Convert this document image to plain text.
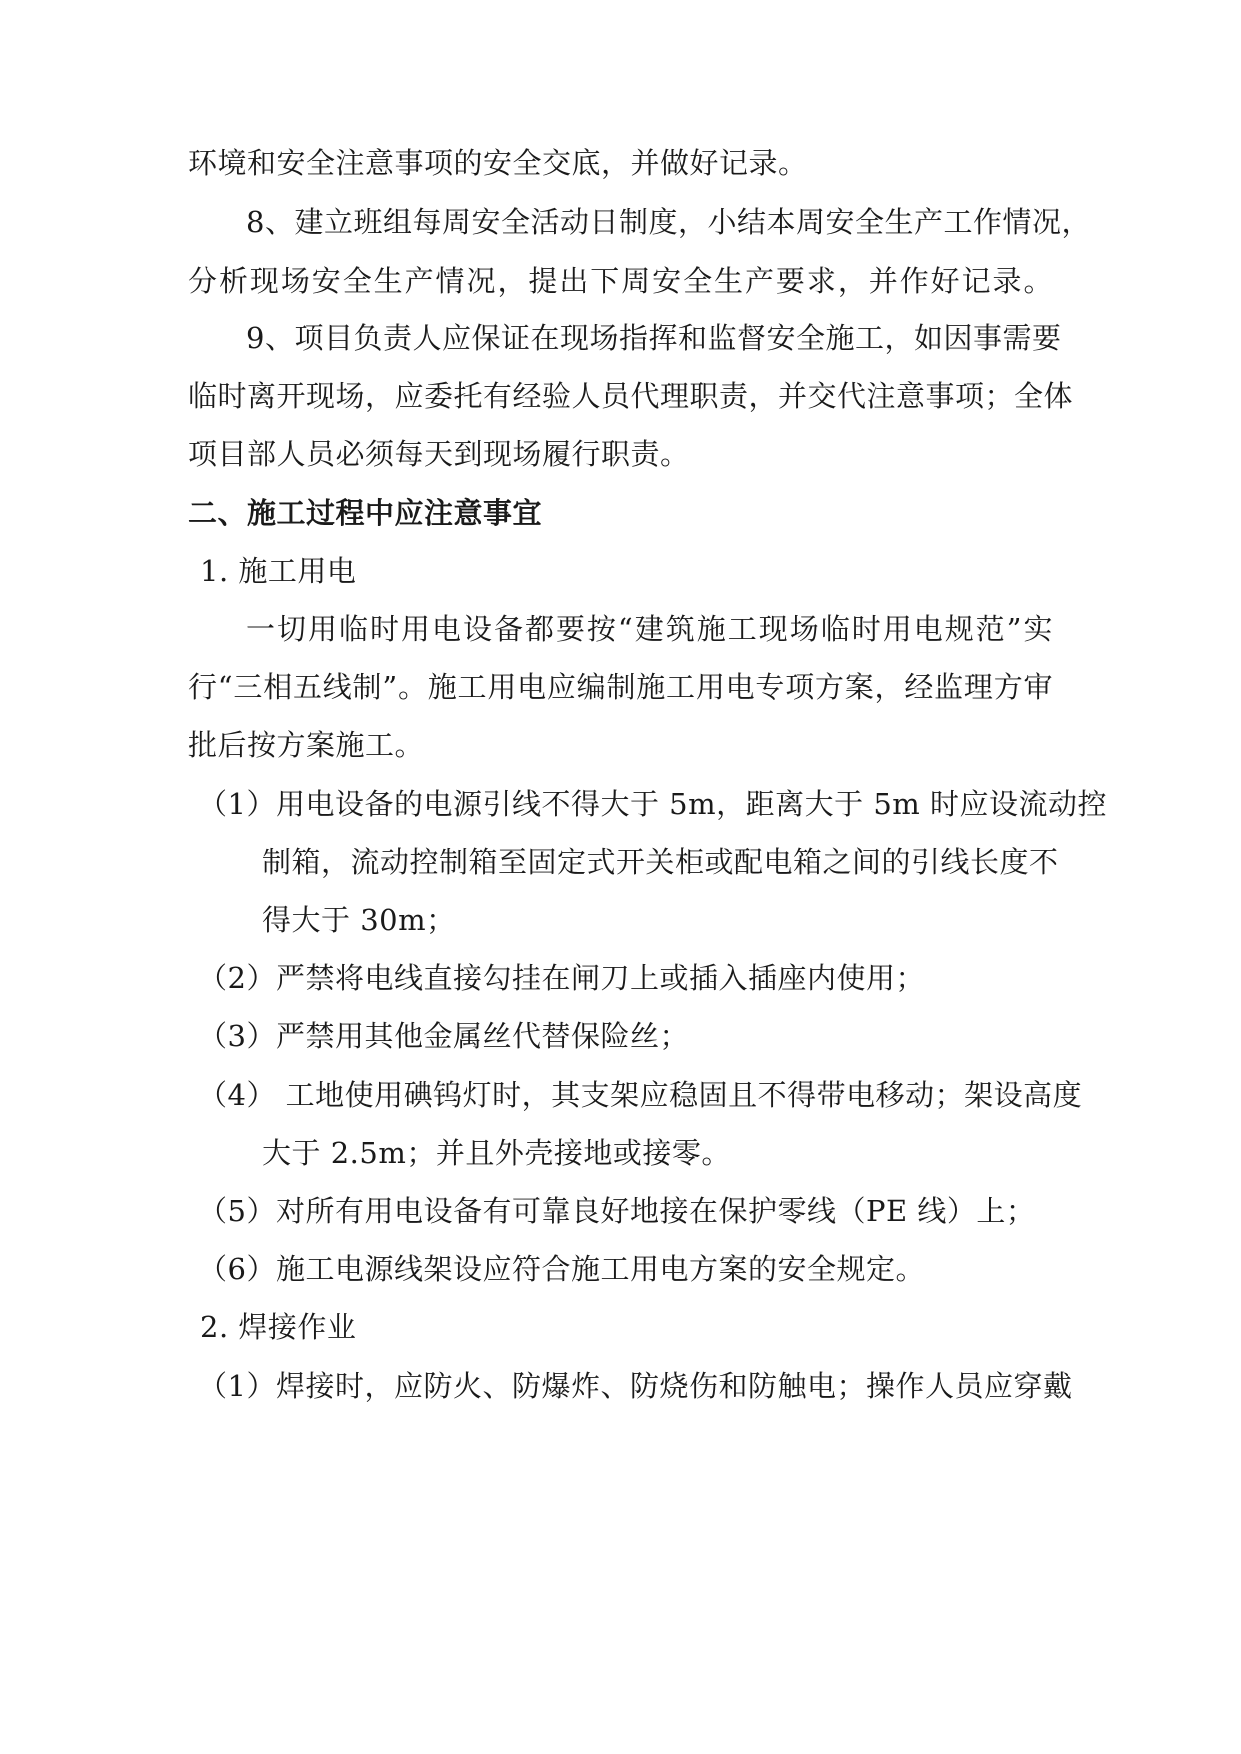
环境和安全注意事项的安全交底，并做好记录。
8、建立班组每周安全活动日制度，小结本周安全生产工作情况，
分析现场安全生产情况，提出下周安全生产要求，并作好记录。
9、项目负责人应保证在现场指挥和监督安全施工，如因事需要
临时离开现场，应委托有经验人员代理职责，并交代注意事项；全体
项目部人员必须每天到现场履行职责。
二、施工过程中应注意事宜
1. 施工用电
一切用临时用电设备都要按“建筑施工现场临时用电规范”实
行“三相五线制”。施工用电应编制施工用电专项方案，经监理方审
批后按方案施工。
（1）用电设备的电源引线不得大于 5m，距离大于 5m 时应设流动控
制箱，流动控制箱至固定式开关柜或配电箱之间的引线长度不
得大于 30m；
（2）严禁将电线直接勾挂在闸刀上或插入插座内使用；
（3）严禁用其他金属丝代替保险丝；
（4） 工地使用碘钨灯时，其支架应稳固且不得带电移动；架设高度
大于 2.5m；并且外壳接地或接零。
（5）对所有用电设备有可靠良好地接在保护零线（PE 线）上；
（6）施工电源线架设应符合施工用电方案的安全规定。
2. 焊接作业
（1）焊接时，应防火、防爆炸、防烧伤和防触电；操作人员应穿戴
